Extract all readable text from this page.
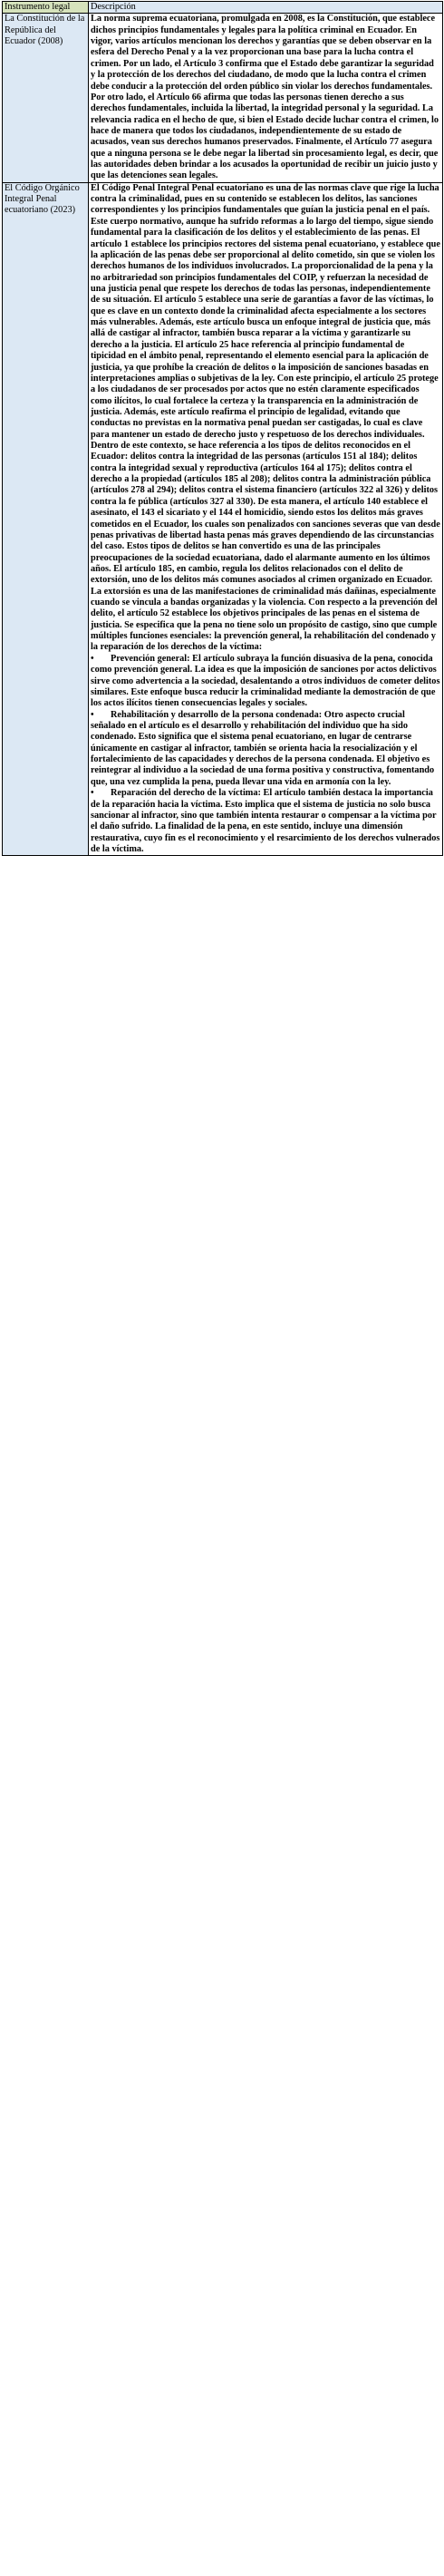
Instrumento legal	Descripción
La Constitución de la República del Ecuador (2008)	La norma suprema ecuatoriana, promulgada en 2008, es la Constitución, que establece dichos principios fundamentales y legales para la política criminal en Ecuador. En vigor, varios artículos mencionan los derechos y garantías que se deben observar en la esfera del Derecho Penal y a la vez proporcionan una base para la lucha contra el crimen. Por un lado, el Artículo 3 confirma que el Estado debe garantizar la seguridad y la protección de los derechos del ciudadano, de modo que la lucha contra el crimen debe conducir a la protección del orden público sin violar los derechos fundamentales. Por otro lado, el Artículo 66 afirma que todas las personas tienen derecho a sus derechos fundamentales, incluida la libertad, la integridad personal y la seguridad. La relevancia radica en el hecho de que, si bien el Estado decide luchar contra el crimen, lo hace de manera que todos los ciudadanos, independientemente de su estado de acusados, vean sus derechos humanos preservados. Finalmente, el Artículo 77 asegura que a ninguna persona se le debe negar la libertad sin procesamiento legal, es decir, que las autoridades deben brindar a los acusados la oportunidad de recibir un juicio justo y que las detenciones sean legales.
El Código Orgánico Integral Penal ecuatoriano (2023)	El Código Penal Integral Penal ecuatoriano es una de las normas clave que rige la lucha contra la criminalidad, pues en su contenido se establecen los delitos, las sanciones correspondientes y los principios fundamentales que guían la justicia penal en el país. Este cuerpo normativo, aunque ha sufrido reformas a lo largo del tiempo, sigue siendo fundamental para la clasificación de los delitos y el establecimiento de las penas. El artículo 1 establece los principios rectores del sistema penal ecuatoriano, y establece que la aplicación de las penas debe ser proporcional al delito cometido, sin que se violen los derechos humanos de los individuos involucrados. La proporcionalidad de la pena y la no arbitrariedad son principios fundamentales del COIP, y refuerzan la necesidad de una justicia penal que respete los derechos de todas las personas, independientemente de su situación. El artículo 5 establece una serie de garantías a favor de las víctimas, lo que es clave en un contexto donde la criminalidad afecta especialmente a los sectores más vulnerables. Además, este artículo busca un enfoque integral de justicia que, más allá de castigar al infractor, también busca reparar a la víctima y garantizarle su derecho a la justicia. El artículo 25 hace referencia al principio fundamental de tipicidad en el ámbito penal, representando el elemento esencial para la aplicación de justicia, ya que prohíbe la creación de delitos o la imposición de sanciones basadas en interpretaciones amplias o subjetivas de la ley. Con este principio, el artículo 25 protege a los ciudadanos de ser procesados por actos que no estén claramente especificados como ilícitos, lo cual fortalece la certeza y la transparencia en la administración de justicia. Además, este artículo reafirma el principio de legalidad, evitando que conductas no previstas en la normativa penal puedan ser castigadas, lo cual es clave para mantener un estado de derecho justo y respetuoso de los derechos individuales. Dentro de este contexto, se hace referencia a los tipos de delitos reconocidos en el Ecuador: delitos contra la integridad de las personas (artículos 151 al 184); delitos contra la integridad sexual y reproductiva (artículos 164 al 175); delitos contra el derecho a la propiedad (artículos 185 al 208); delitos contra la administración pública (artículos 278 al 294); delitos contra el sistema financiero (artículos 322 al 326) y delitos contra la fe pública (artículos 327 al 330). De esta manera, el artículo 140 establece el asesinato, el 143 el sicariato y el 144 el homicidio, siendo estos los delitos más graves cometidos en el Ecuador, los cuales son penalizados con sanciones severas que van desde penas privativas de libertad hasta penas más graves dependiendo de las circunstancias del caso. Estos tipos de delitos se han convertido es una de las principales preocupaciones de la sociedad ecuatoriana, dado el alarmante aumento en los últimos años. El artículo 185, en cambio, regula los delitos relacionados con el delito de extorsión, uno de los delitos más comunes asociados al crimen organizado en Ecuador. La extorsión es una de las manifestaciones de criminalidad más dañinas, especialmente cuando se vincula a bandas organizadas y la violencia. Con respecto a la prevención del delito, el artículo 52 establece los objetivos principales de las penas en el sistema de justicia. Se especifica que la pena no tiene solo un propósito de castigo, sino que cumple múltiples funciones esenciales: la prevención general, la rehabilitación del condenado y la reparación de los derechos de la víctima:
• Prevención general: El artículo subraya la función disuasiva de la pena, conocida como prevención general. La idea es que la imposición de sanciones por actos delictivos sirve como advertencia a la sociedad, desalentando a otros individuos de cometer delitos similares. Este enfoque busca reducir la criminalidad mediante la demostración de que los actos ilícitos tienen consecuencias legales y sociales.
• Rehabilitación y desarrollo de la persona condenada: Otro aspecto crucial señalado en el artículo es el desarrollo y rehabilitación del individuo que ha sido condenado. Esto significa que el sistema penal ecuatoriano, en lugar de centrarse únicamente en castigar al infractor, también se orienta hacia la resocialización y el fortalecimiento de las capacidades y derechos de la persona condenada. El objetivo es reintegrar al individuo a la sociedad de una forma positiva y constructiva, fomentando que, una vez cumplida la pena, pueda llevar una vida en armonía con la ley.
• Reparación del derecho de la víctima: El artículo también destaca la importancia de la reparación hacia la víctima. Esto implica que el sistema de justicia no solo busca sancionar al infractor, sino que también intenta restaurar o compensar a la víctima por el daño sufrido. La finalidad de la pena, en este sentido, incluye una dimensión restaurativa, cuyo fin es el reconocimiento y el resarcimiento de los derechos vulnerados de la víctima.
